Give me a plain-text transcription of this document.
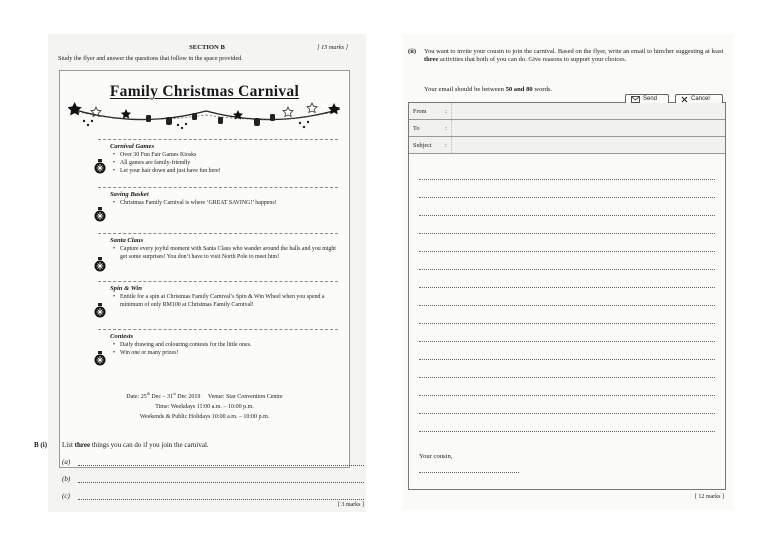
SECTION B	[ 15 marks ]
Study the flyer and answer the questions that follow in the space provided.
Family Christmas Carnival
Carnival Games
• Over 30 Fun Fair Games Kiosks
• All games are family-friendly
• Let your hair down and just have fun here!
Saving Basket
• Christmas Family Carnival is where ‘GREAT SAVING!’ happens!
Santa Claus
• Capture every joyful moment with Santa Claus who wander around the halls and you might get some surprises! You don’t have to visit North Pole to meet him!
Spin & Win
• Entitle for a spin at Christmas Family Carnival’s Spin & Win Wheel when you spend a minimum of only RM100 at Christmas Family Carnival!
Contests
• Daily drawing and colouring contests for the little ones.
• Win one or many prizes!
Date: 25th Dec – 31st Dec 2019 Venue: Star Convention Centre
Time: Weekdays 11:00 a.m. – 10:00 p.m.
Weekends & Public Holidays 10:00 a.m. – 10:00 p.m.
B (i) List three things you can do if you join the carnival.
(a)
(b)
(c)
[ 3 marks ]
(ii) You want to invite your cousin to join the carnival. Based on the flyer, write an email to him/her suggesting at least three activities that both of you can do. Give reasons to support your choices.
Your email should be between 50 and 80 words.
Send	Cancel
From	:
To	:
Subject :
Your cousin,
[ 12 marks ]
